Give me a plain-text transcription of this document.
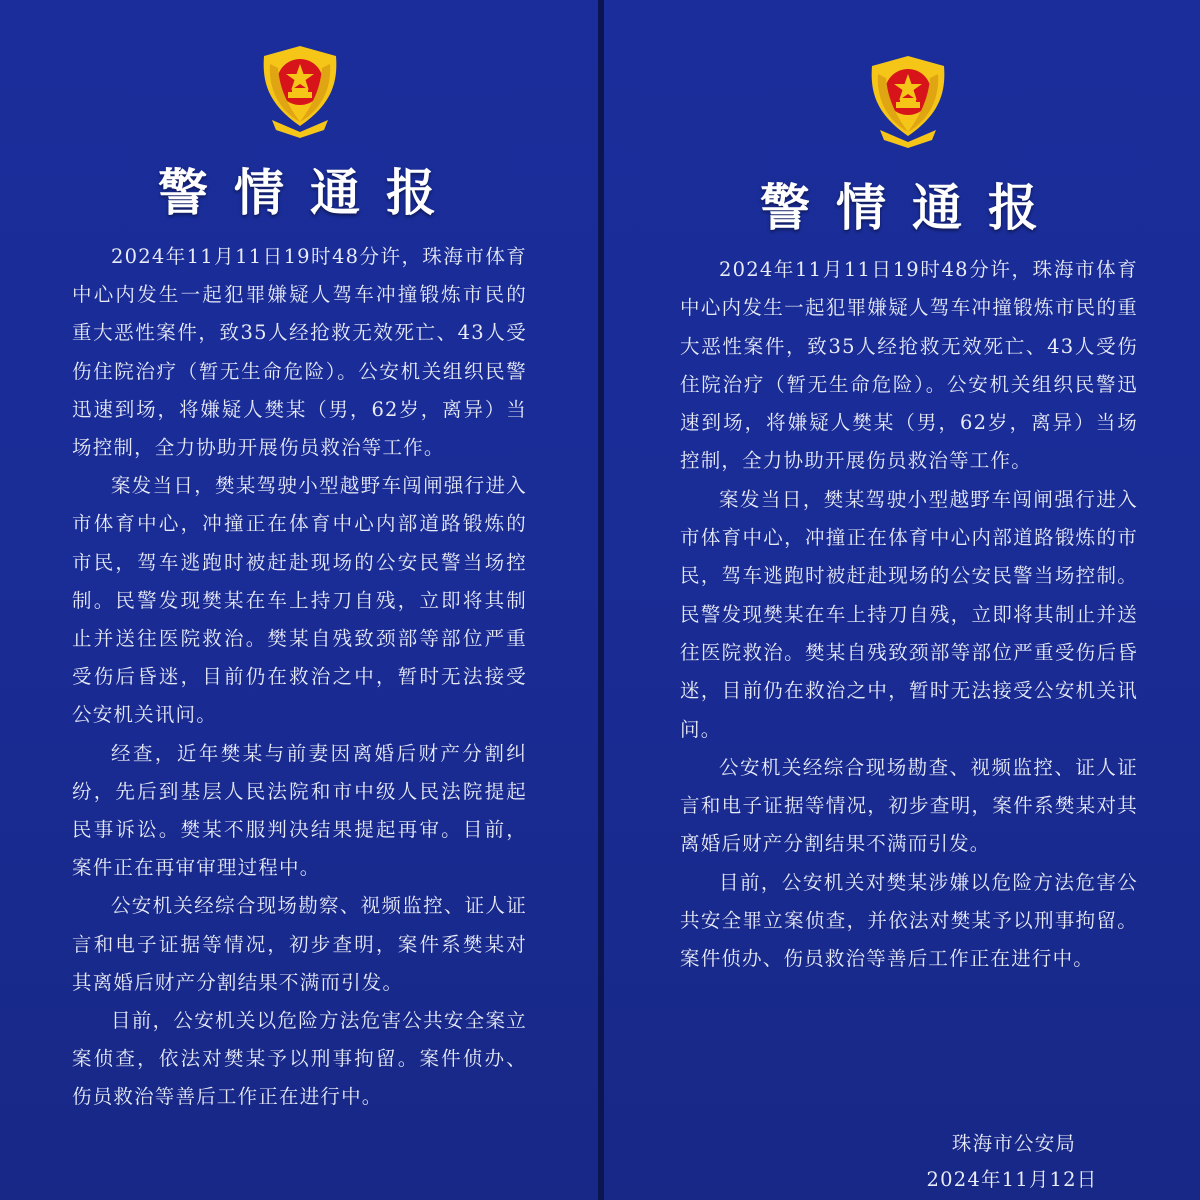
警情通报

2024年11月11日19时48分许，珠海市体育中心内发生一起犯罪嫌疑人驾车冲撞锻炼市民的重大恶性案件，致35人经抢救无效死亡、43人受伤住院治疗（暂无生命危险）。公安机关组织民警迅速到场，将嫌疑人樊某（男，62岁，离异）当场控制，全力协助开展伤员救治等工作。

案发当日，樊某驾驶小型越野车闯闸强行进入市体育中心，冲撞正在体育中心内部道路锻炼的市民，驾车逃跑时被赶赴现场的公安民警当场控制。民警发现樊某在车上持刀自残，立即将其制止并送往医院救治。樊某自残致颈部等部位严重受伤后昏迷，目前仍在救治之中，暂时无法接受公安机关讯问。

经查，近年樊某与前妻因离婚后财产分割纠纷，先后到基层人民法院和市中级人民法院提起民事诉讼。樊某不服判决结果提起再审。目前，案件正在再审审理过程中。

公安机关经综合现场勘察、视频监控、证人证言和电子证据等情况，初步查明，案件系樊某对其离婚后财产分割结果不满而引发。

目前，公安机关以危险方法危害公共安全案立案侦查，依法对樊某予以刑事拘留。案件侦办、伤员救治等善后工作正在进行中。

警情通报

2024年11月11日19时48分许，珠海市体育中心内发生一起犯罪嫌疑人驾车冲撞锻炼市民的重大恶性案件，致35人经抢救无效死亡、43人受伤住院治疗（暂无生命危险）。公安机关组织民警迅速到场，将嫌疑人樊某（男，62岁，离异）当场控制，全力协助开展伤员救治等工作。

案发当日，樊某驾驶小型越野车闯闸强行进入市体育中心，冲撞正在体育中心内部道路锻炼的市民，驾车逃跑时被赶赴现场的公安民警当场控制。民警发现樊某在车上持刀自残，立即将其制止并送往医院救治。樊某自残致颈部等部位严重受伤后昏迷，目前仍在救治之中，暂时无法接受公安机关讯问。

公安机关经综合现场勘查、视频监控、证人证言和电子证据等情况，初步查明，案件系樊某对其离婚后财产分割结果不满而引发。

目前，公安机关对樊某涉嫌以危险方法危害公共安全罪立案侦查，并依法对樊某予以刑事拘留。案件侦办、伤员救治等善后工作正在进行中。

珠海市公安局
2024年11月12日
